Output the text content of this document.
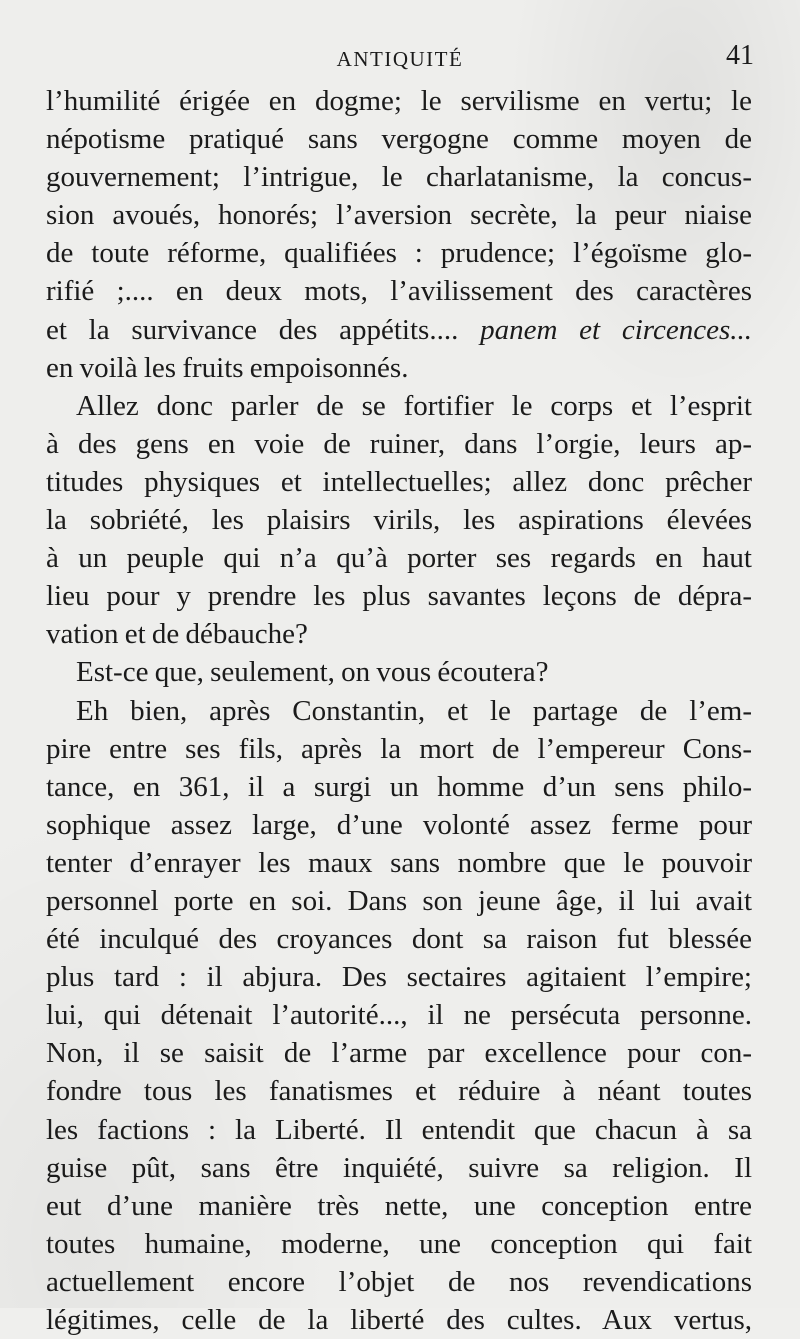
ANTIQUITÉ	41
l’humilité érigée en dogme; le servilisme en vertu; le
népotisme pratiqué sans vergogne comme moyen de
gouvernement; l’intrigue, le charlatanisme, la concus-
sion avoués, honorés; l’aversion secrète, la peur niaise
de toute réforme, qualifiées : prudence; l’égoïsme glo-
rifié ;.... en deux mots, l’avilissement des caractères
et la survivance des appétits.... panem et circences...
en voilà les fruits empoisonnés.
Allez donc parler de se fortifier le corps et l’esprit
à des gens en voie de ruiner, dans l’orgie, leurs ap-
titudes physiques et intellectuelles; allez donc prêcher
la sobriété, les plaisirs virils, les aspirations élevées
à un peuple qui n’a qu’à porter ses regards en haut
lieu pour y prendre les plus savantes leçons de dépra-
vation et de débauche?
Est-ce que, seulement, on vous écoutera?
Eh bien, après Constantin, et le partage de l’em-
pire entre ses fils, après la mort de l’empereur Cons-
tance, en 361, il a surgi un homme d’un sens philo-
sophique assez large, d’une volonté assez ferme pour
tenter d’enrayer les maux sans nombre que le pouvoir
personnel porte en soi. Dans son jeune âge, il lui avait
été inculqué des croyances dont sa raison fut blessée
plus tard : il abjura. Des sectaires agitaient l’empire;
lui, qui détenait l’autorité..., il ne persécuta personne.
Non, il se saisit de l’arme par excellence pour con-
fondre tous les fanatismes et réduire à néant toutes
les factions : la Liberté. Il entendit que chacun à sa
guise pût, sans être inquiété, suivre sa religion. Il
eut d’une manière très nette, une conception entre
toutes humaine, moderne, une conception qui fait
actuellement encore l’objet de nos revendications
légitimes, celle de la liberté des cultes. Aux vertus,
